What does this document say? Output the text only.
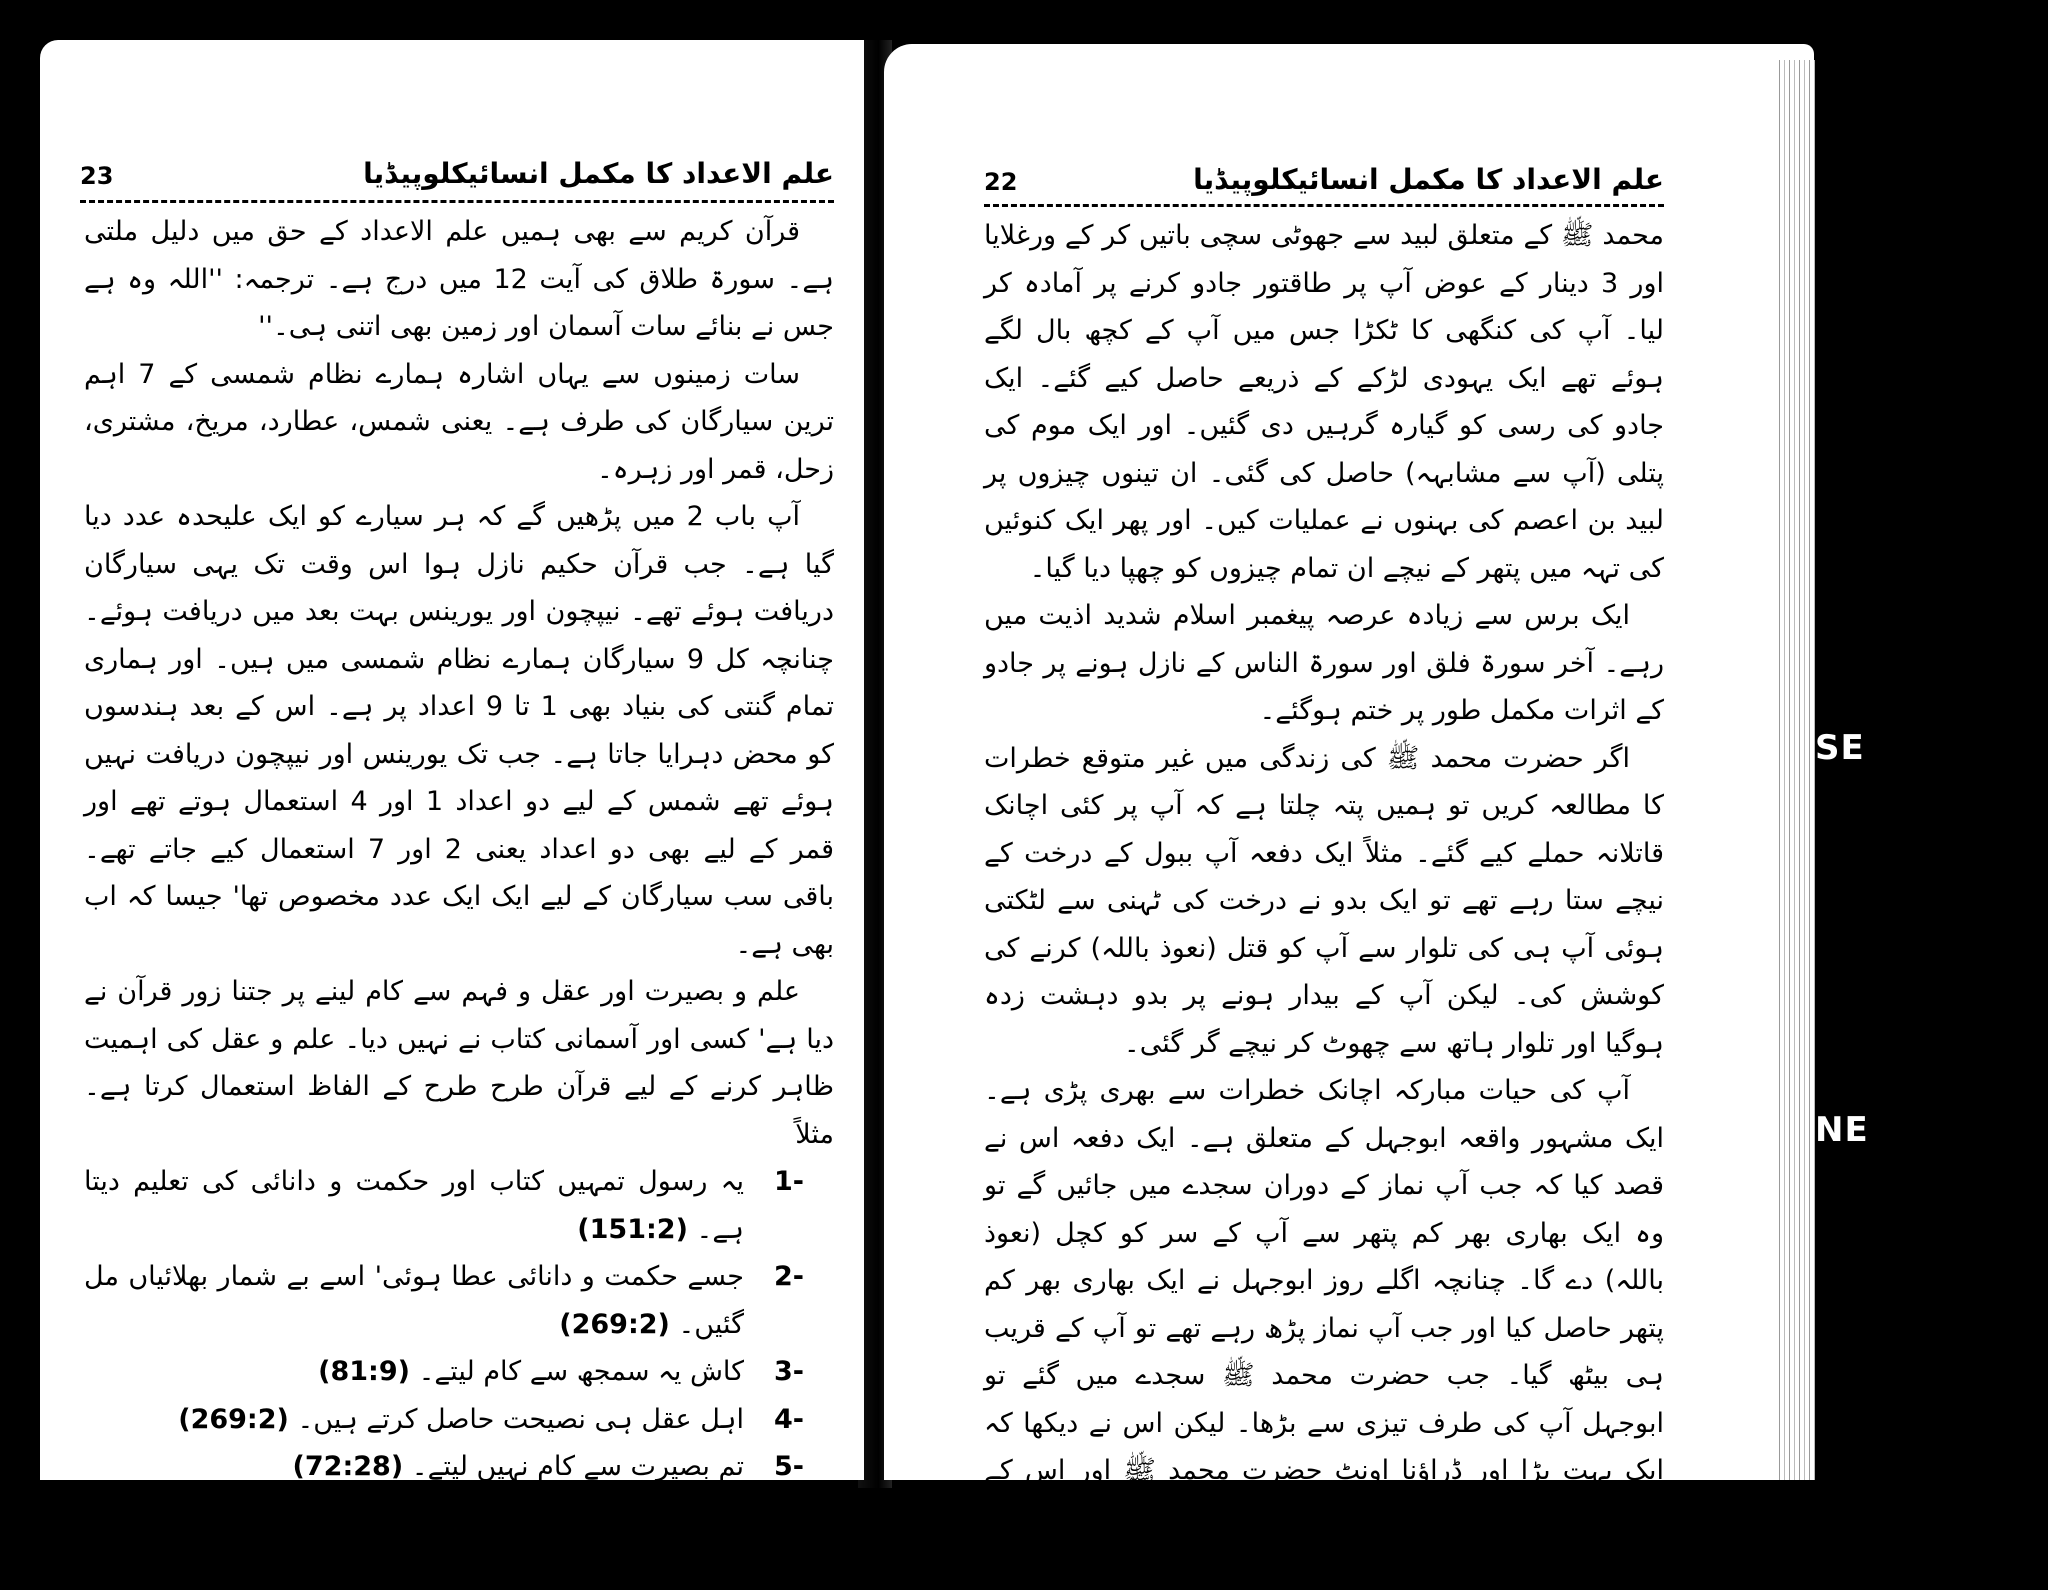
23	علم الاعداد کا مکمل انسائیکلوپیڈیا

قرآن کریم سے بھی ہمیں علم الاعداد کے حق میں دلیل ملتی ہے۔ سورۃ طلاق کی آیت 12 میں درج ہے۔ ترجمہ: ''اللہ وہ ہے جس نے بنائے سات آسمان اور زمین بھی اتنی ہی۔''

سات زمینوں سے یہاں اشارہ ہمارے نظام شمسی کے 7 اہم ترین سیارگان کی طرف ہے۔ یعنی شمس، عطارد، مریخ، مشتری، زحل، قمر اور زہرہ۔

آپ باب 2 میں پڑھیں گے کہ ہر سیارے کو ایک علیحدہ عدد دیا گیا ہے۔ جب قرآن حکیم نازل ہوا اس وقت تک یہی سیارگان دریافت ہوئے تھے۔ نیپچون اور یورینس بہت بعد میں دریافت ہوئے۔ چنانچہ کل 9 سیارگان ہمارے نظام شمسی میں ہیں۔ اور ہماری تمام گنتی کی بنیاد بھی 1 تا 9 اعداد پر ہے۔ اس کے بعد ہندسوں کو محض دہرایا جاتا ہے۔ جب تک یورینس اور نیپچون دریافت نہیں ہوئے تھے شمس کے لیے دو اعداد 1 اور 4 استعمال ہوتے تھے اور قمر کے لیے بھی دو اعداد یعنی 2 اور 7 استعمال کیے جاتے تھے۔ باقی سب سیارگان کے لیے ایک ایک عدد مخصوص تھا' جیسا کہ اب بھی ہے۔

علم و بصیرت اور عقل و فہم سے کام لینے پر جتنا زور قرآن نے دیا ہے' کسی اور آسمانی کتاب نے نہیں دیا۔ علم و عقل کی اہمیت ظاہر کرنے کے لیے قرآن طرح طرح کے الفاظ استعمال کرتا ہے۔ مثلاً

-1
یہ رسول تمہیں کتاب اور حکمت و دانائی کی تعلیم دیتا ہے۔ (151:2)
-2
جسے حکمت و دانائی عطا ہوئی' اسے بے شمار بھلائیاں مل گئیں۔ (269:2)
-3
کاش یہ سمجھ سے کام لیتے۔ (81:9)
-4
اہل عقل ہی نصیحت حاصل کرتے ہیں۔ (269:2)
-5
تم بصیرت سے کام نہیں لیتے۔ (72:28)
-6
یہ شعور سے کام نہیں لیتے۔ (9:2)
22	علم الاعداد کا مکمل انسائیکلوپیڈیا

محمد ﷺ کے متعلق لبید سے جھوٹی سچی باتیں کر کے ورغلایا اور 3 دینار کے عوض آپ پر طاقتور جادو کرنے پر آمادہ کر لیا۔ آپ کی کنگھی کا ٹکڑا جس میں آپ کے کچھ بال لگے ہوئے تھے ایک یہودی لڑکے کے ذریعے حاصل کیے گئے۔ ایک جادو کی رسی کو گیارہ گرہیں دی گئیں۔ اور ایک موم کی پتلی (آپ سے مشابہہ) حاصل کی گئی۔ ان تینوں چیزوں پر لبید بن اعصم کی بہنوں نے عملیات کیں۔ اور پھر ایک کنوئیں کی تہہ میں پتھر کے نیچے ان تمام چیزوں کو چھپا دیا گیا۔

ایک برس سے زیادہ عرصہ پیغمبر اسلام شدید اذیت میں رہے۔ آخر سورۃ فلق اور سورۃ الناس کے نازل ہونے پر جادو کے اثرات مکمل طور پر ختم ہوگئے۔

اگر حضرت محمد ﷺ کی زندگی میں غیر متوقع خطرات کا مطالعہ کریں تو ہمیں پتہ چلتا ہے کہ آپ پر کئی اچانک قاتلانہ حملے کیے گئے۔ مثلاً ایک دفعہ آپ ببول کے درخت کے نیچے ستا رہے تھے تو ایک بدو نے درخت کی ٹہنی سے لٹکتی ہوئی آپ ہی کی تلوار سے آپ کو قتل (نعوذ باللہ) کرنے کی کوشش کی۔ لیکن آپ کے بیدار ہونے پر بدو دہشت زدہ ہوگیا اور تلوار ہاتھ سے چھوٹ کر نیچے گر گئی۔

آپ کی حیات مبارکہ اچانک خطرات سے بھری پڑی ہے۔ ایک مشہور واقعہ ابوجہل کے متعلق ہے۔ ایک دفعہ اس نے قصد کیا کہ جب آپ نماز کے دوران سجدے میں جائیں گے تو وہ ایک بھاری بھر کم پتھر سے آپ کے سر کو کچل (نعوذ باللہ) دے گا۔ چنانچہ اگلے روز ابوجہل نے ایک بھاری بھر کم پتھر حاصل کیا اور جب آپ نماز پڑھ رہے تھے تو آپ کے قریب ہی بیٹھ گیا۔ جب حضرت محمد ﷺ سجدے میں گئے تو ابوجہل آپ کی طرف تیزی سے بڑھا۔ لیکن اس نے دیکھا کہ ایک بہت بڑا اور ڈراؤنا اونٹ حضرت محمد ﷺ اور اس کے درمیان موجود ہے۔ خوف سے ابوجہل کانپنے لگا۔ دہشت سے اس کا چہرہ کالا پڑ گیا۔ وہ واپس مڑا اور پتھر پھینک دیا۔

SE
NE
